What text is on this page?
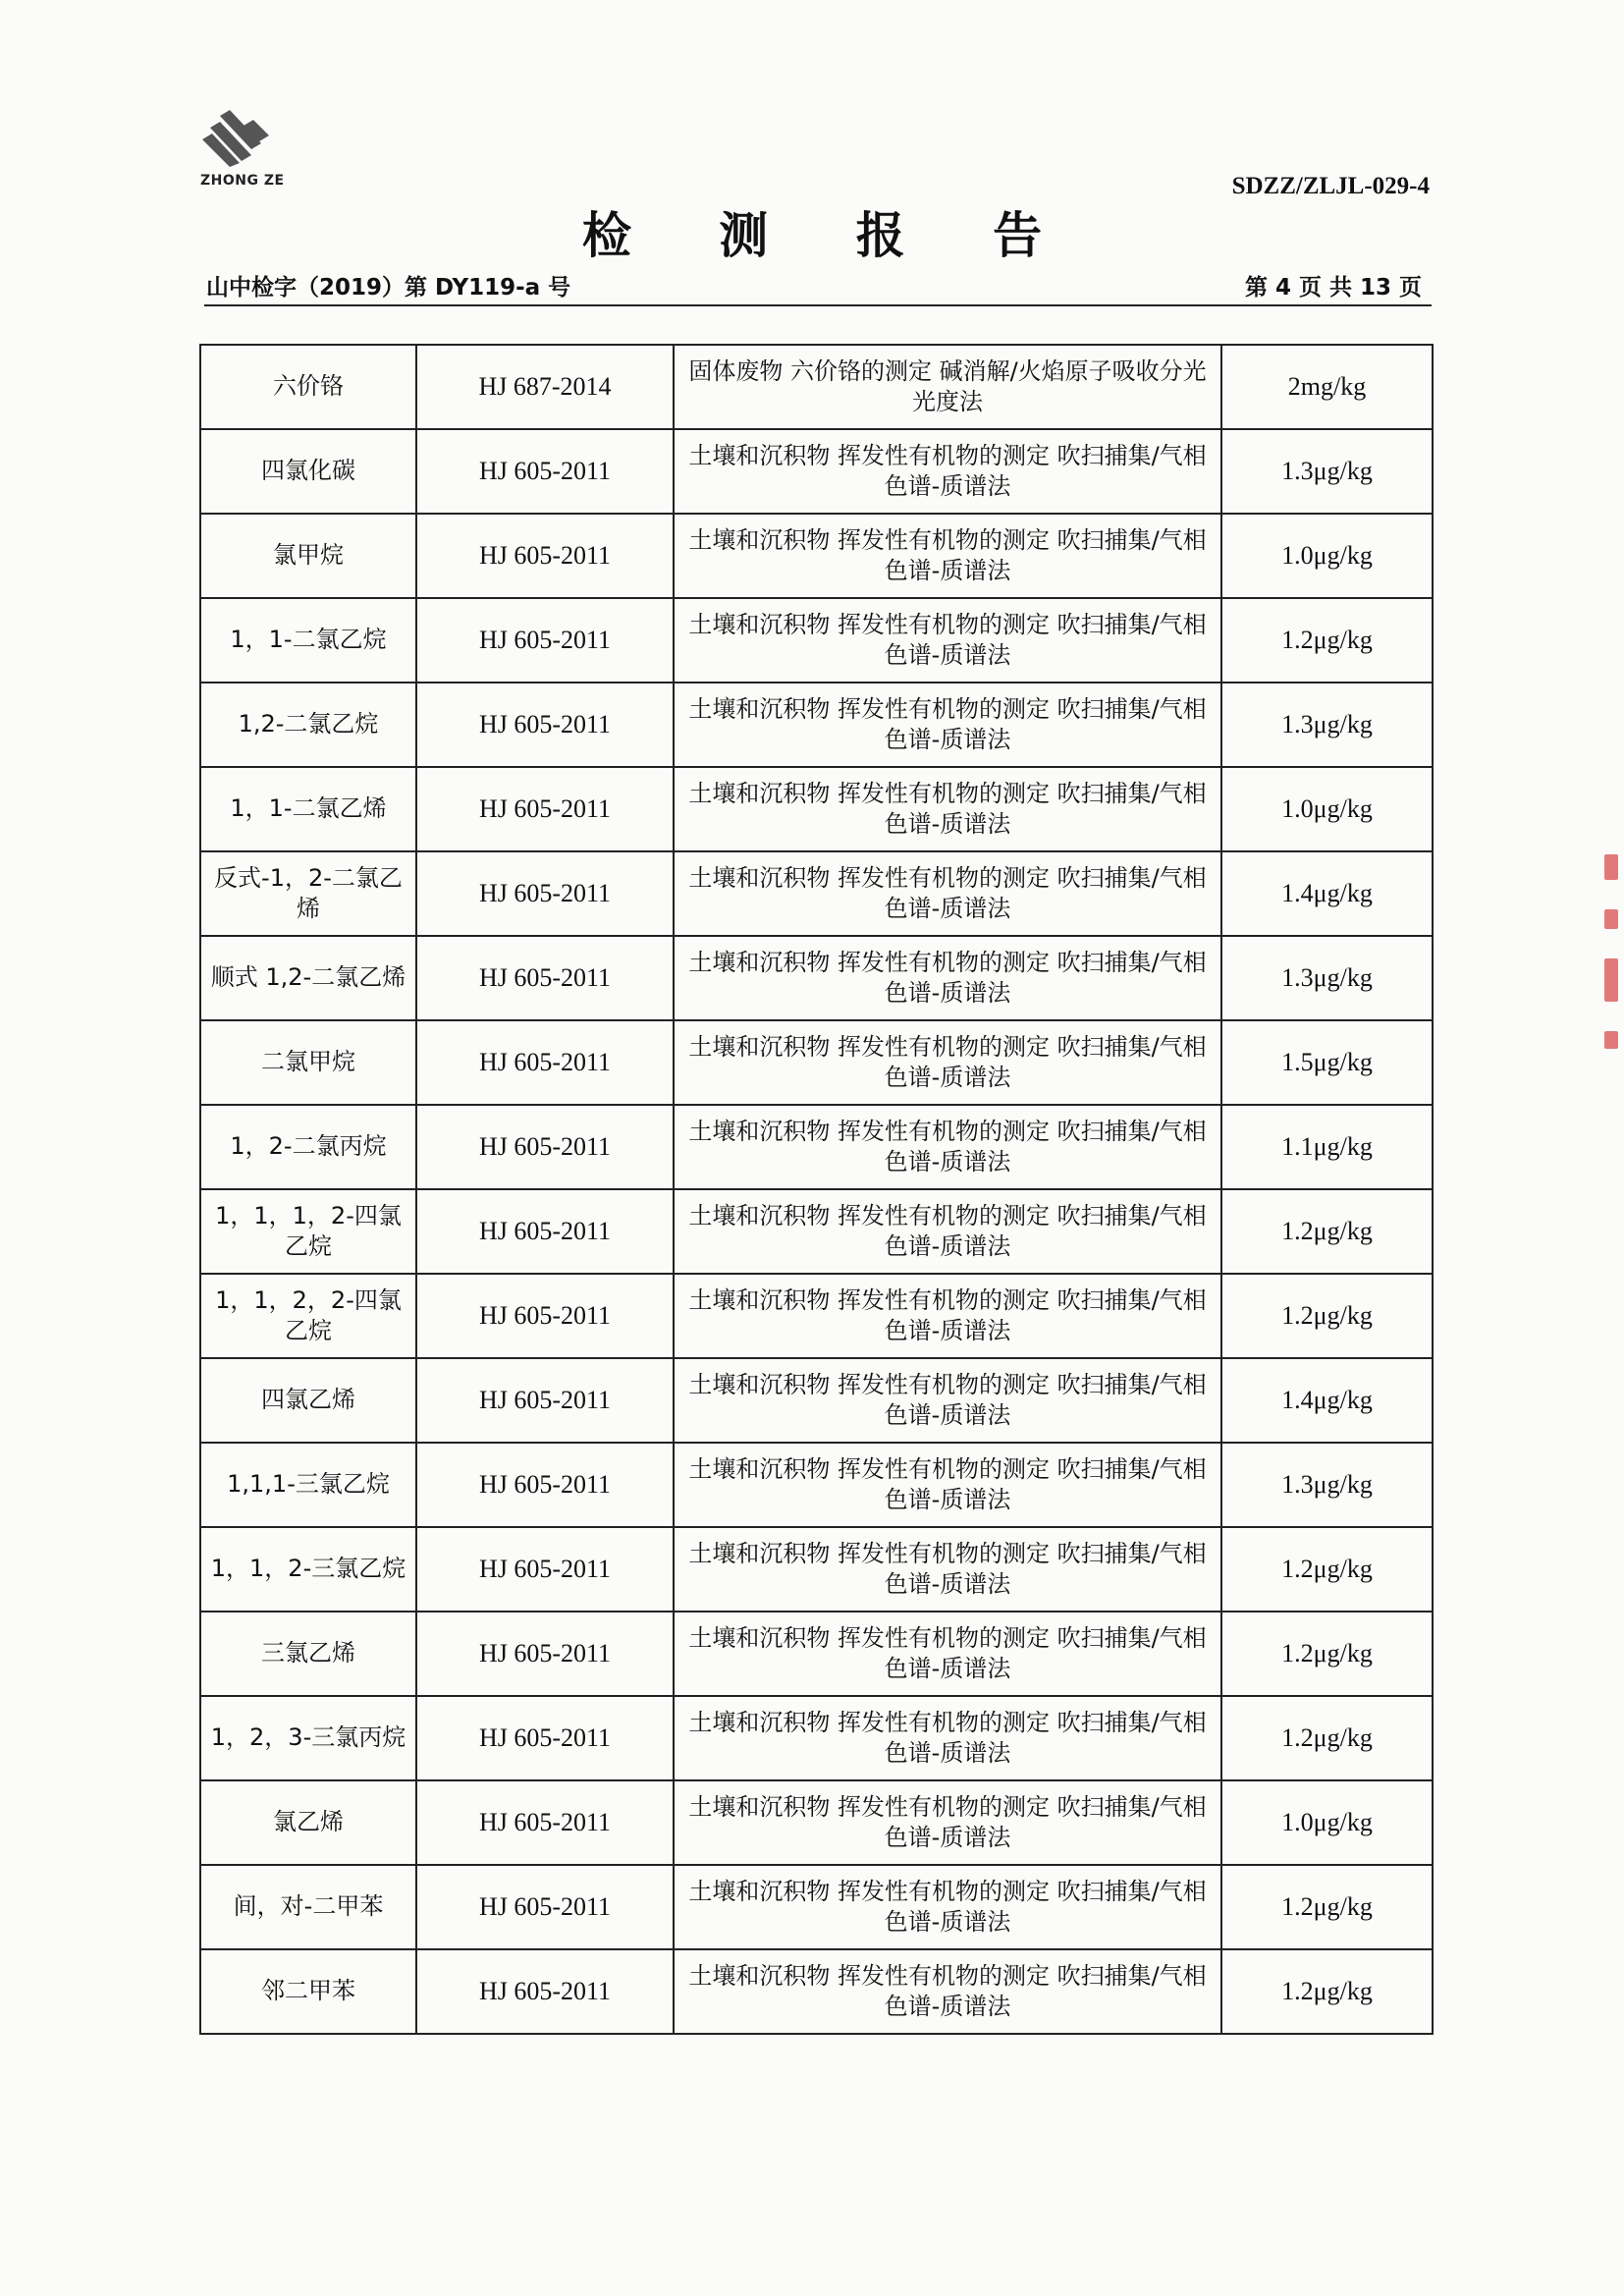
ZHONG ZE	SDZZ/ZLJL-029-4
检 测 报 告
山中检字（2019）第 DY119-a 号	第 4 页 共 13 页
六价铬	HJ 687-2014	固体废物 六价铬的测定 碱消解/火焰原子吸收分光光度法	2mg/kg
四氯化碳	HJ 605-2011	土壤和沉积物 挥发性有机物的测定 吹扫捕集/气相色谱-质谱法	1.3μg/kg
氯甲烷	HJ 605-2011	土壤和沉积物 挥发性有机物的测定 吹扫捕集/气相色谱-质谱法	1.0μg/kg
1，1-二氯乙烷	HJ 605-2011	土壤和沉积物 挥发性有机物的测定 吹扫捕集/气相色谱-质谱法	1.2μg/kg
1,2-二氯乙烷	HJ 605-2011	土壤和沉积物 挥发性有机物的测定 吹扫捕集/气相色谱-质谱法	1.3μg/kg
1，1-二氯乙烯	HJ 605-2011	土壤和沉积物 挥发性有机物的测定 吹扫捕集/气相色谱-质谱法	1.0μg/kg
反式-1，2-二氯乙烯	HJ 605-2011	土壤和沉积物 挥发性有机物的测定 吹扫捕集/气相色谱-质谱法	1.4μg/kg
顺式 1,2-二氯乙烯	HJ 605-2011	土壤和沉积物 挥发性有机物的测定 吹扫捕集/气相色谱-质谱法	1.3μg/kg
二氯甲烷	HJ 605-2011	土壤和沉积物 挥发性有机物的测定 吹扫捕集/气相色谱-质谱法	1.5μg/kg
1，2-二氯丙烷	HJ 605-2011	土壤和沉积物 挥发性有机物的测定 吹扫捕集/气相色谱-质谱法	1.1μg/kg
1，1，1，2-四氯乙烷	HJ 605-2011	土壤和沉积物 挥发性有机物的测定 吹扫捕集/气相色谱-质谱法	1.2μg/kg
1，1，2，2-四氯乙烷	HJ 605-2011	土壤和沉积物 挥发性有机物的测定 吹扫捕集/气相色谱-质谱法	1.2μg/kg
四氯乙烯	HJ 605-2011	土壤和沉积物 挥发性有机物的测定 吹扫捕集/气相色谱-质谱法	1.4μg/kg
1,1,1-三氯乙烷	HJ 605-2011	土壤和沉积物 挥发性有机物的测定 吹扫捕集/气相色谱-质谱法	1.3μg/kg
1，1，2-三氯乙烷	HJ 605-2011	土壤和沉积物 挥发性有机物的测定 吹扫捕集/气相色谱-质谱法	1.2μg/kg
三氯乙烯	HJ 605-2011	土壤和沉积物 挥发性有机物的测定 吹扫捕集/气相色谱-质谱法	1.2μg/kg
1，2，3-三氯丙烷	HJ 605-2011	土壤和沉积物 挥发性有机物的测定 吹扫捕集/气相色谱-质谱法	1.2μg/kg
氯乙烯	HJ 605-2011	土壤和沉积物 挥发性有机物的测定 吹扫捕集/气相色谱-质谱法	1.0μg/kg
间，对-二甲苯	HJ 605-2011	土壤和沉积物 挥发性有机物的测定 吹扫捕集/气相色谱-质谱法	1.2μg/kg
邻二甲苯	HJ 605-2011	土壤和沉积物 挥发性有机物的测定 吹扫捕集/气相色谱-质谱法	1.2μg/kg
